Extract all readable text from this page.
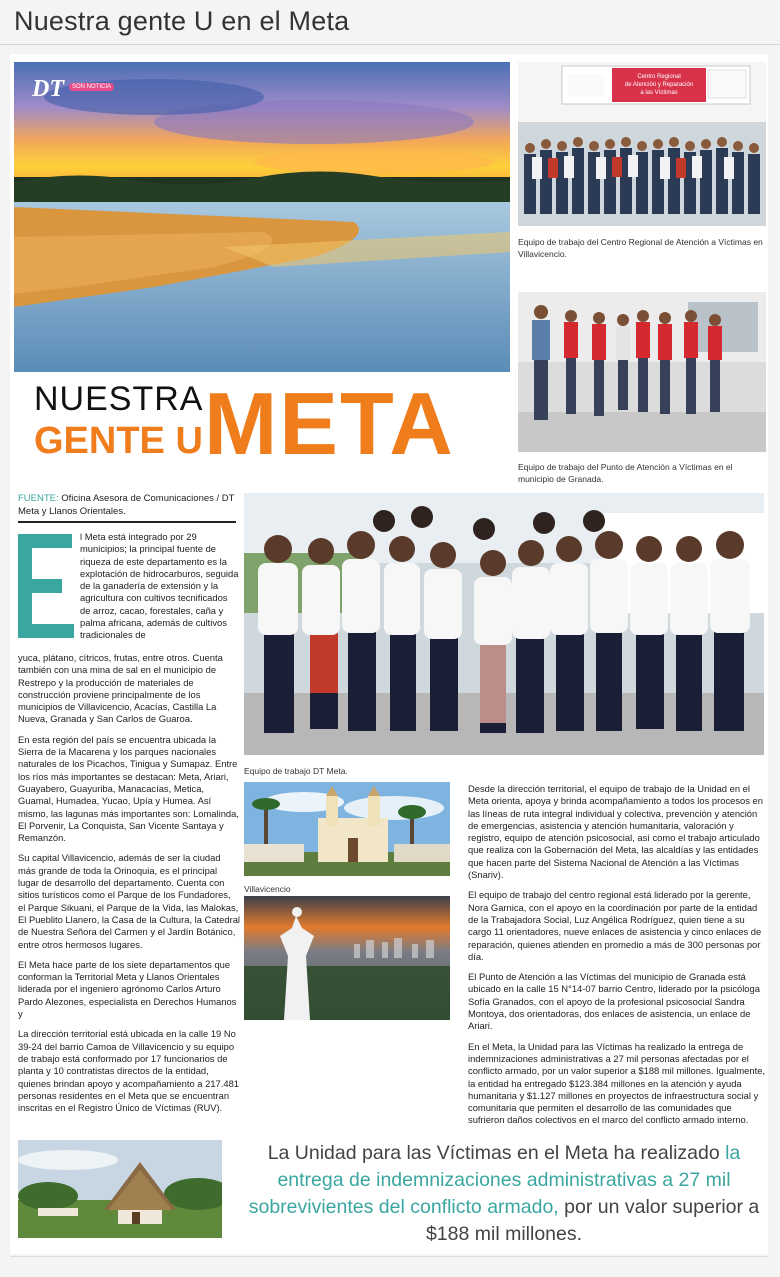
Nuestra gente U en el Meta
DT	SON NOTICIA
NUESTRA
GENTE U META
Centro Regional
de Atención y Reparación
a las Víctimas
Equipo de trabajo del Centro Regional de Atención a Víctimas en Villavicencio.
Equipo de trabajo del Punto de Atención a Víctimas en el municipio de Granada.
FUENTE: Oficina Asesora de Comunicaciones / DT Meta y Llanos Orientales.
l Meta está integrado por 29 municipios; la principal fuente de riqueza de este departamento es la explotación de hidrocarburos, seguida de la ganadería de extensión y la agricultura con cultivos tecnificados de arroz, cacao, forestales, caña y palma africana, además de cultivos tradicionales de

yuca, plátano, cítricos, frutas, entre otros. Cuenta también con una mina de sal en el municipio de Restrepo y la producción de materiales de construcción proviene principalmente de los municipios de Villavicencio, Acacías, Castilla La Nueva, Granada y San Carlos de Guaroa.

En esta región del país se encuentra ubicada la Sierra de la Macarena y los parques nacionales naturales de los Picachos, Tinigua y Sumapaz. Entre los ríos más importantes se destacan: Meta, Ariari, Guayabero, Guayuriba, Manacacías, Metica, Guamal, Humadea, Yucao, Upía y Humea. Así mismo, las lagunas más importantes son: Lomalinda, El Porvenir, La Conquista, San Vicente Santaya y Remanzón.

Su capital Villavicencio, además de ser la ciudad más grande de toda la Orinoquia, es el principal lugar de desarrollo del departamento. Cuenta con sitios turísticos como el Parque de los Fundadores, el Parque Sikuani, el Parque de la Vida, las Malokas, El Pueblito Llanero, la Casa de la Cultura, la Catedral de Nuestra Señora del Carmen y el Jardín Botánico, entre otros hermosos lugares.

El Meta hace parte de los siete departamentos que conforman la Territorial Meta y Llanos Orientales liderada por el ingeniero agrónomo Carlos Arturo Pardo Alezones, especialista en Derechos Humanos y

La dirección territorial está ubicada en la calle 19 No 39-24 del barrio Camoa de Villavicencio y su equipo de trabajo está conformado por 17 funcionarios de planta y 10 contratistas directos de la entidad, quienes brindan apoyo y acompañamiento a 217.481 personas residentes en el Meta que se encuentran inscritas en el Registro Único de Víctimas (RUV).

Equipo de trabajo DT Meta.
Villavicencio

Desde la dirección territorial, el equipo de trabajo de la Unidad en el Meta orienta, apoya y brinda acompañamiento a todos los procesos en las líneas de ruta integral individual y colectiva, prevención y atención de emergencias, asistencia y atención humanitaria, valoración y registro, equipo de atención psicosocial, así como el trabajo articulado que realiza con la Gobernación del Meta, las alcaldías y las entidades que hacen parte del Sistema Nacional de Atención a las Víctimas (Snariv).

El equipo de trabajo del centro regional está liderado por la gerente, Nora Garnica, con el apoyo en la coordinación por parte de la entidad de la Trabajadora Social, Luz Angélica Rodríguez, quien tiene a su cargo 11 orientadores, nueve enlaces de asistencia y cinco enlaces de reparación, quienes atienden en promedio a más de 300 personas por día.

El Punto de Atención a las Víctimas del municipio de Granada está ubicado en la calle 15 N°14-07 barrio Centro, liderado por la psicóloga Sofía Granados, con el apoyo de la profesional psicosocial Sandra Montoya, dos orientadoras, dos enlaces de asistencia, un enlace de Ariari.

En el Meta, la Unidad para las Víctimas ha realizado la entrega de indemnizaciones administrativas a 27 mil personas afectadas por el conflicto armado, por un valor superior a $188 mil millones. Igualmente, la entidad ha entregado $123.384 millones en la atención y ayuda humanitaria y $1.127 millones en proyectos de infraestructura social y comunitaria que permiten el desarrollo de las comunidades que sufrieron daños colectivos en el marco del conflicto armado interno.

La Unidad para las Víctimas en el Meta ha realizado la entrega de indemnizaciones administrativas a 27 mil sobrevivientes del conflicto armado, por un valor superior a $188 mil millones.
